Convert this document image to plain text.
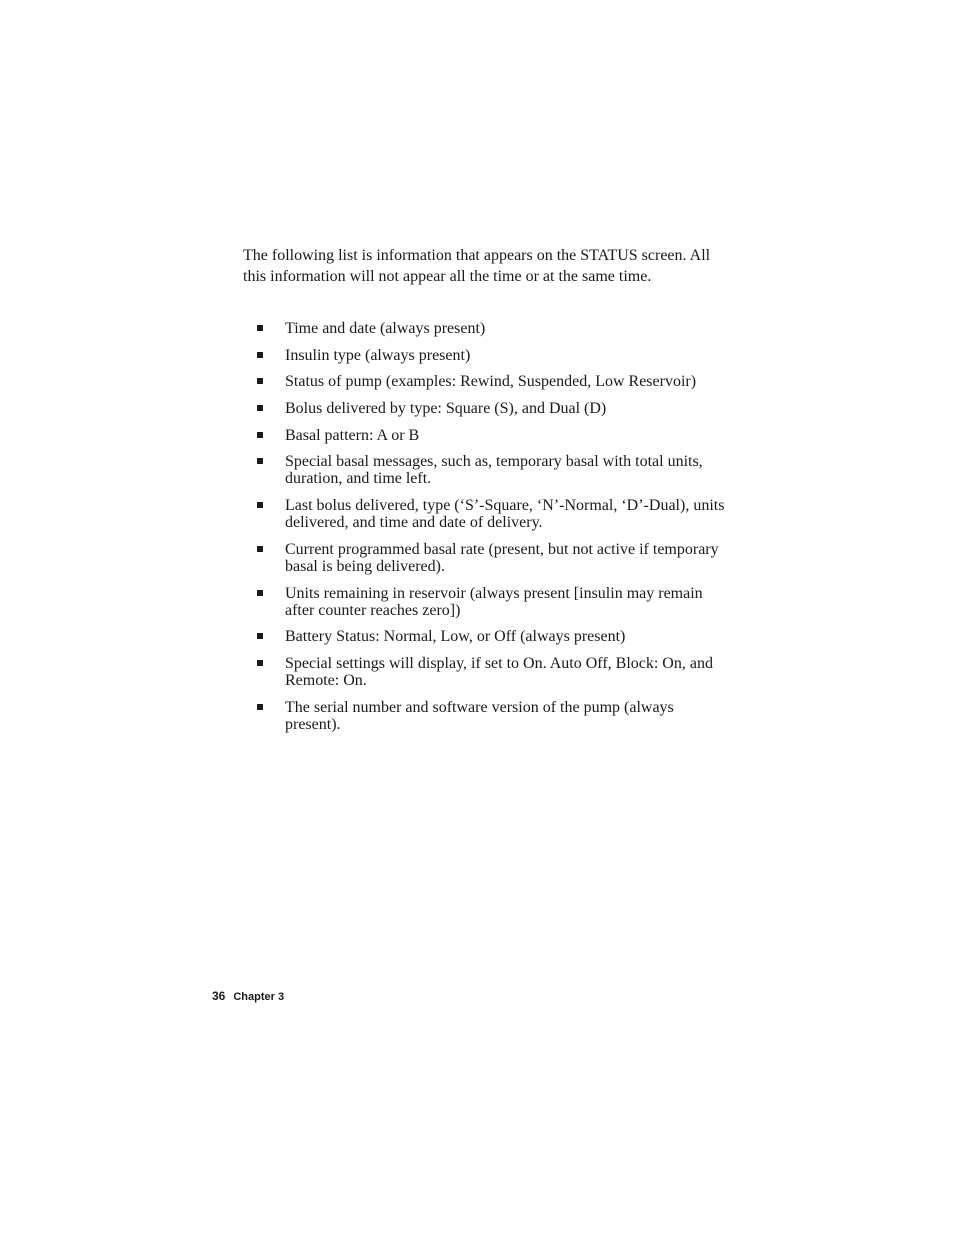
The following list is information that appears on the STATUS screen. All this information will not appear all the time or at the same time.

Time and date (always present)
Insulin type (always present)
Status of pump (examples: Rewind, Suspended, Low Reservoir)
Bolus delivered by type: Square (S), and Dual (D)
Basal pattern: A or B
Special basal messages, such as, temporary basal with total units, duration, and time left.
Last bolus delivered, type (‘S’-Square, ‘N’-Normal, ‘D’-Dual), units delivered, and time and date of delivery.
Current programmed basal rate (present, but not active if temporary basal is being delivered).
Units remaining in reservoir (always present [insulin may remain after counter reaches zero])
Battery Status: Normal, Low, or Off (always present)
Special settings will display, if set to On. Auto Off, Block: On, and Remote: On.
The serial number and software version of the pump (always present).
36 Chapter 3
